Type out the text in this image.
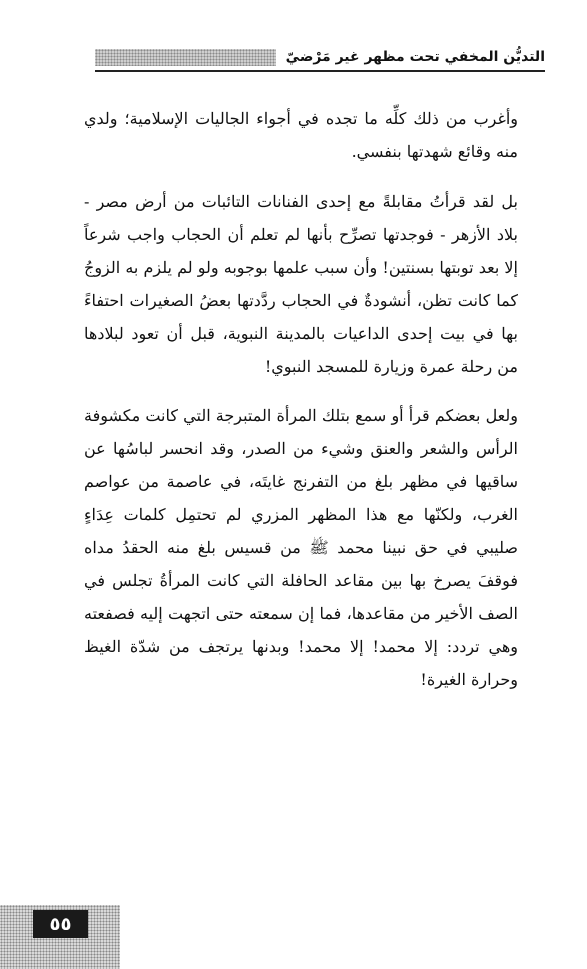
التديُّن المخفي تحت مظهر غير مَرْضيّ

وأغرب من ذلك كلِّه ما تجده في أجواء الجاليات الإسلامية؛ ولدي منه وقائع شهدتها بنفسي.

بل لقد قرأتُ مقابلةً مع إحدى الفنانات التائبات من أرض مصر - بلاد الأزهر - فوجدتها تصرِّح بأنها لم تعلم أن الحجاب واجب شرعاً إلا بعد توبتها بسنتين! وأن سبب علمها بوجوبه ولو لم يلزم به الزوجُ كما كانت تظن، أنشودةٌ في الحجاب ردَّدتها بعضُ الصغيرات احتفاءً بها في بيت إحدى الداعيات بالمدينة النبوية، قبل أن تعود لبلادها من رحلة عمرة وزيارة للمسجد النبوي!

ولعل بعضكم قرأ أو سمع بتلك المرأة المتبرجة التي كانت مكشوفة الرأس والشعر والعنق وشيء من الصدر، وقد انحسر لباسُها عن ساقيها في مظهر بلغ من التفرنج غايتَه، في عاصمة من عواصم الغرب، ولكنّها مع هذا المظهر المزري لم تحتمِل كلمات عِدَاءٍ صليبي في حق نبينا محمد ﷺ من قسيس بلغ منه الحقدُ مداه فوقفَ يصرخ بها بين مقاعد الحافلة التي كانت المرأةُ تجلس في الصف الأخير من مقاعدها، فما إن سمعته حتى اتجهت إليه فصفعته وهي تردد: إلا محمد! إلا محمد! وبدنها يرتجف من شدّة الغيظ وحرارة الغيرة!

٥٥
